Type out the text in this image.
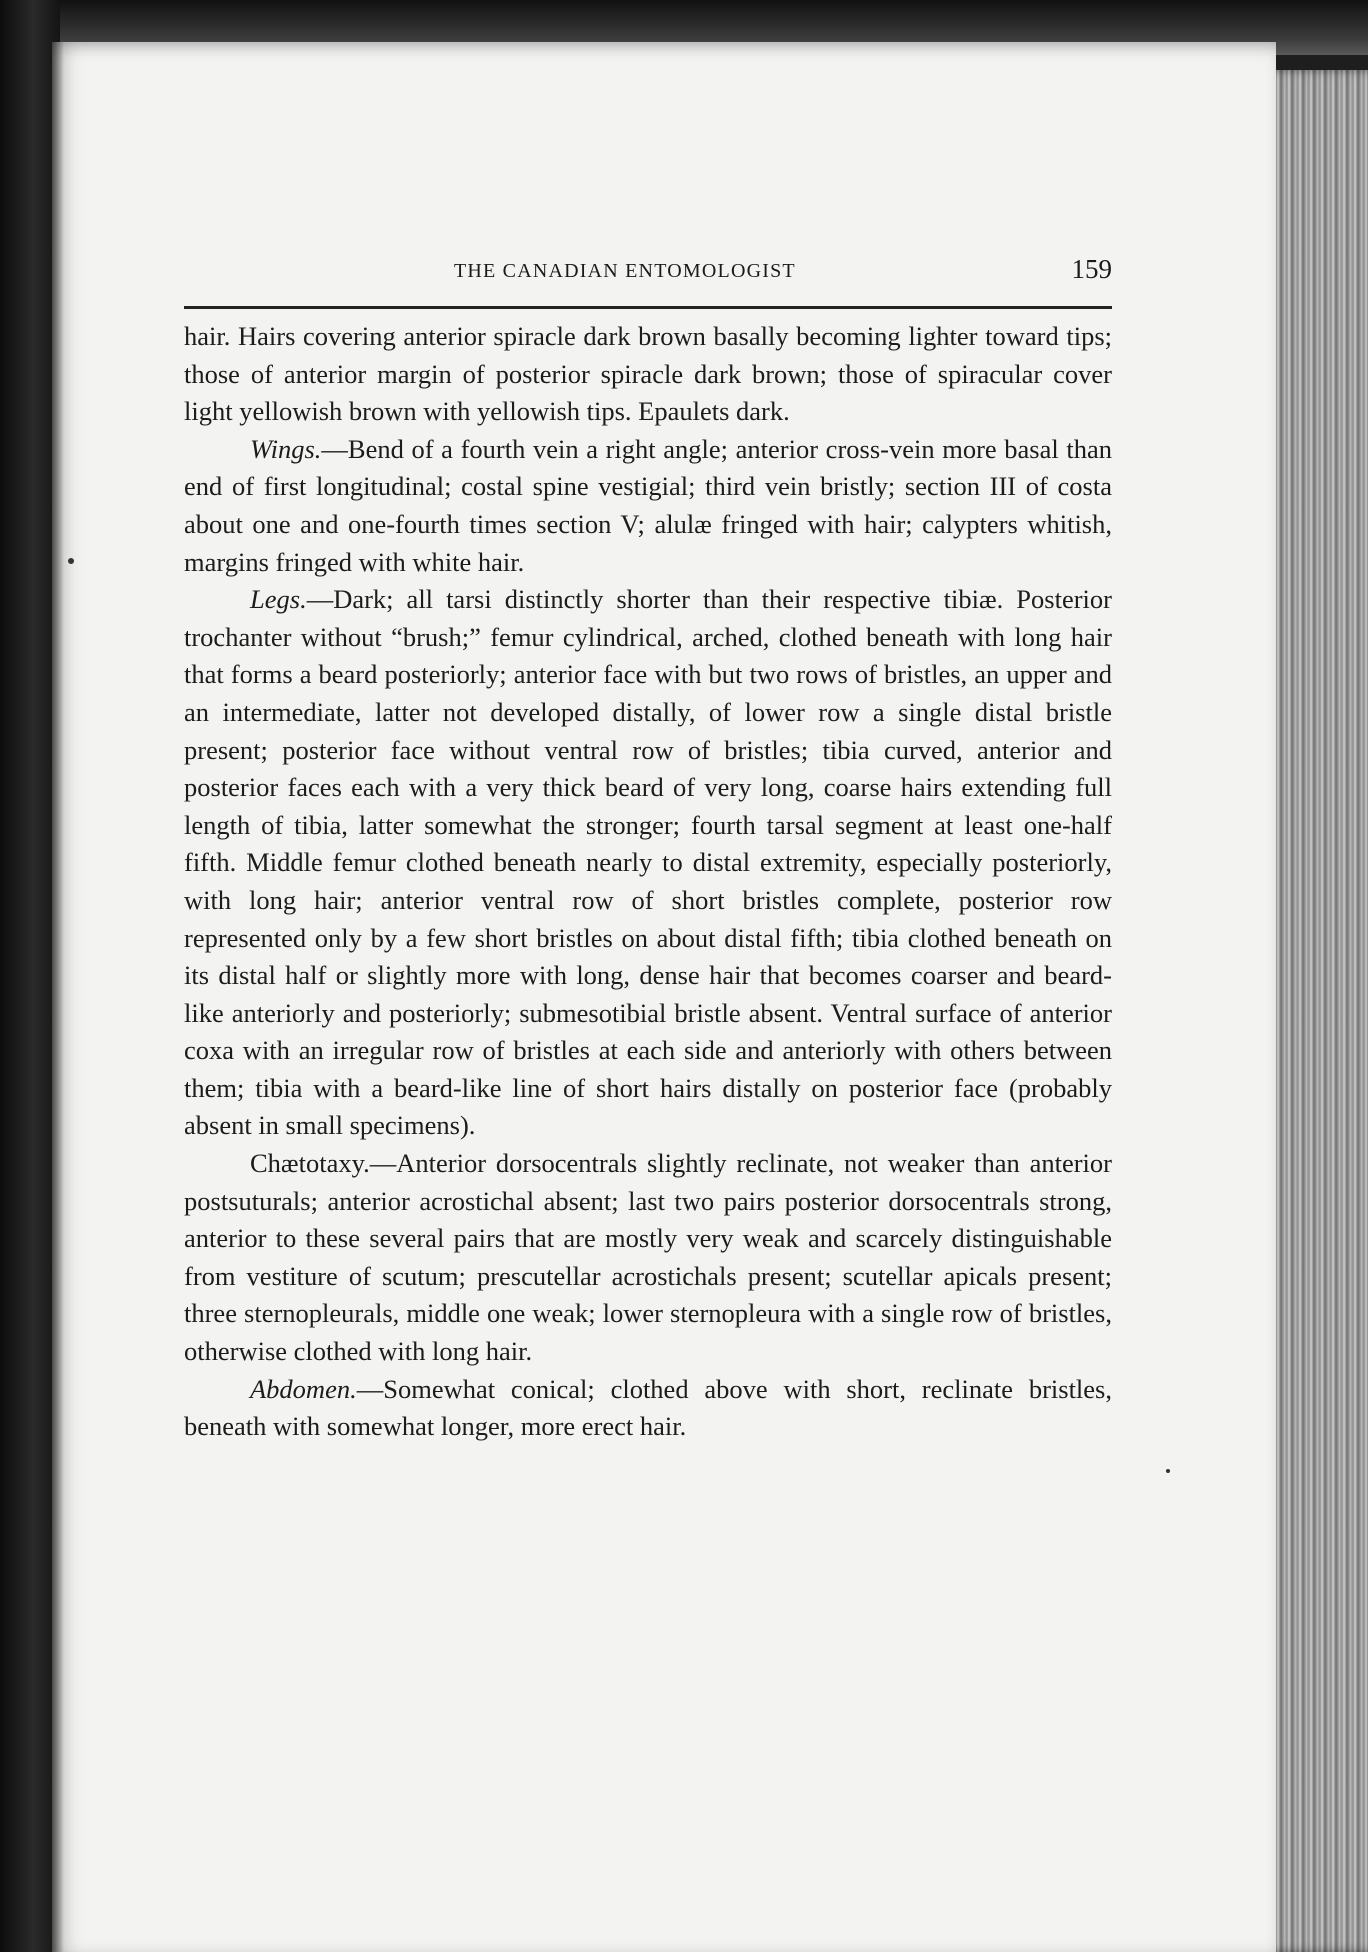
THE CANADIAN ENTOMOLOGIST	159

hair. Hairs covering anterior spiracle dark brown basally becoming lighter toward tips; those of anterior margin of posterior spiracle dark brown; those of spiracular cover light yellowish brown with yellowish tips. Epaulets dark.

Wings.—Bend of a fourth vein a right angle; anterior cross-vein more basal than end of first longitudinal; costal spine vestigial; third vein bristly; section III of costa about one and one-fourth times section V; alulæ fringed with hair; calypters whitish, margins fringed with white hair.

Legs.—Dark; all tarsi distinctly shorter than their respective tibiæ. Posterior trochanter without “brush;” femur cylindrical, arched, clothed beneath with long hair that forms a beard posteriorly; anterior face with but two rows of bristles, an upper and an intermediate, latter not developed distally, of lower row a single distal bristle present; posterior face without ventral row of bristles; tibia curved, anterior and posterior faces each with a very thick beard of very long, coarse hairs extending full length of tibia, latter somewhat the stronger; fourth tarsal segment at least one-half fifth. Middle femur clothed beneath nearly to distal extremity, especially posteriorly, with long hair; anterior ventral row of short bristles complete, posterior row represented only by a few short bristles on about distal fifth; tibia clothed beneath on its distal half or slightly more with long, dense hair that becomes coarser and beard-like anteriorly and posteriorly; submesotibial bristle absent. Ventral surface of anterior coxa with an irregular row of bristles at each side and anteriorly with others between them; tibia with a beard-like line of short hairs distally on posterior face (probably absent in small specimens).

Chætotaxy.—Anterior dorsocentrals slightly reclinate, not weaker than anterior postsuturals; anterior acrostichal absent; last two pairs posterior dorsocentrals strong, anterior to these several pairs that are mostly very weak and scarcely distinguishable from vestiture of scutum; prescutellar acrostichals present; scutellar apicals present; three sternopleurals, middle one weak; lower sternopleura with a single row of bristles, otherwise clothed with long hair.

Abdomen.—Somewhat conical; clothed above with short, reclinate bristles, beneath with somewhat longer, more erect hair.
